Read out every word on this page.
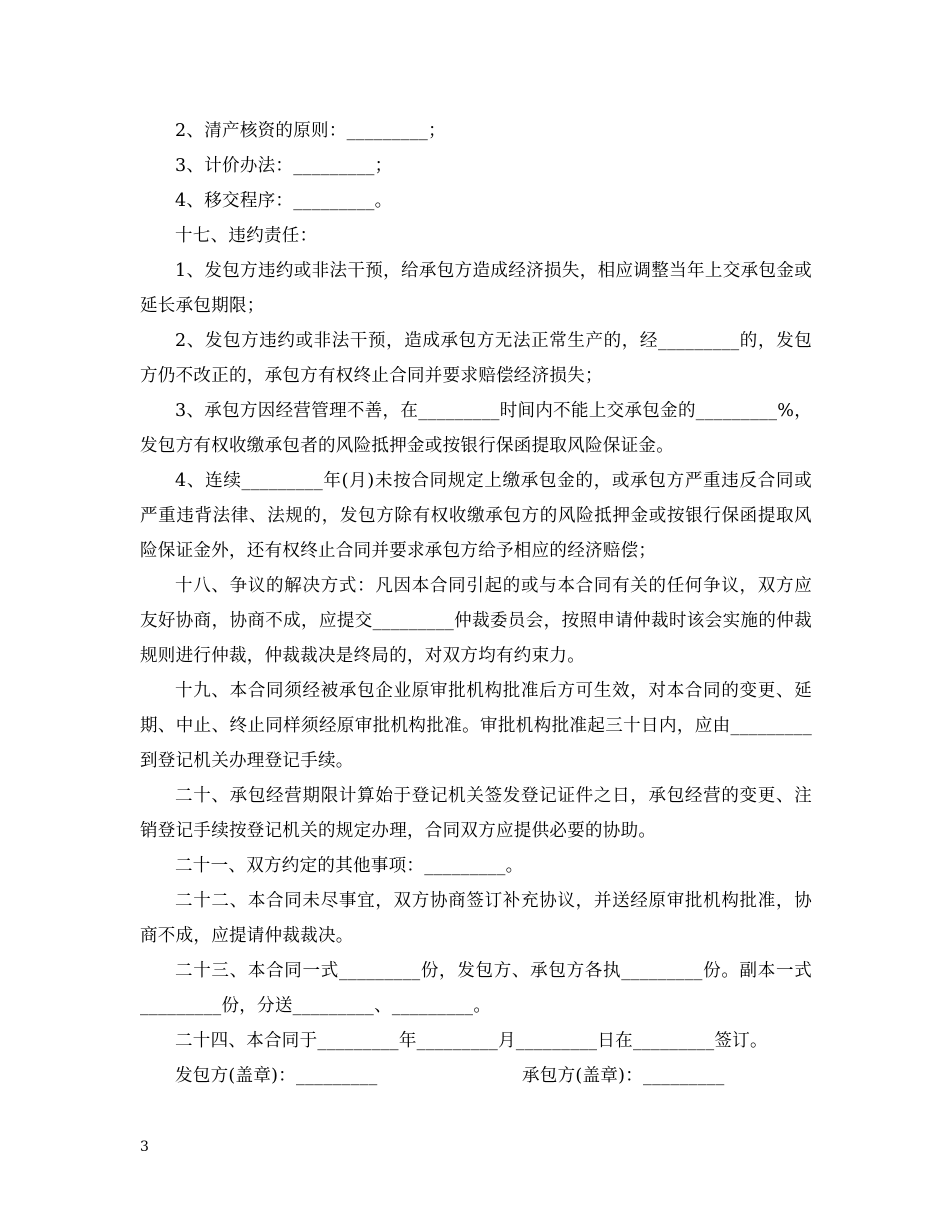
2、清产核资的原则：_________；

3、计价办法：_________；

4、移交程序：_________。

十七、违约责任：

1、发包方违约或非法干预，给承包方造成经济损失，相应调整当年上交承包金或延长承包期限；

2、发包方违约或非法干预，造成承包方无法正常生产的，经_________的，发包方仍不改正的，承包方有权终止合同并要求赔偿经济损失；

3、承包方因经营管理不善，在_________时间内不能上交承包金的_________%，发包方有权收缴承包者的风险抵押金或按银行保函提取风险保证金。

4、连续_________年(月)未按合同规定上缴承包金的，或承包方严重违反合同或严重违背法律、法规的，发包方除有权收缴承包方的风险抵押金或按银行保函提取风险保证金外，还有权终止合同并要求承包方给予相应的经济赔偿；

十八、争议的解决方式：凡因本合同引起的或与本合同有关的任何争议，双方应友好协商，协商不成，应提交_________仲裁委员会，按照申请仲裁时该会实施的仲裁规则进行仲裁，仲裁裁决是终局的，对双方均有约束力。

十九、本合同须经被承包企业原审批机构批准后方可生效，对本合同的变更、延期、中止、终止同样须经原审批机构批准。审批机构批准起三十日内，应由_________到登记机关办理登记手续。

二十、承包经营期限计算始于登记机关签发登记证件之日，承包经营的变更、注销登记手续按登记机关的规定办理，合同双方应提供必要的协助。

二十一、双方约定的其他事项：_________。

二十二、本合同未尽事宜，双方协商签订补充协议，并送经原审批机构批准，协商不成，应提请仲裁裁决。

二十三、本合同一式_________份，发包方、承包方各执_________份。副本一式_________份，分送_________、_________。

二十四、本合同于_________年_________月_________日在_________签订。

发包方(盖章)：_________	承包方(盖章)：_________
3
